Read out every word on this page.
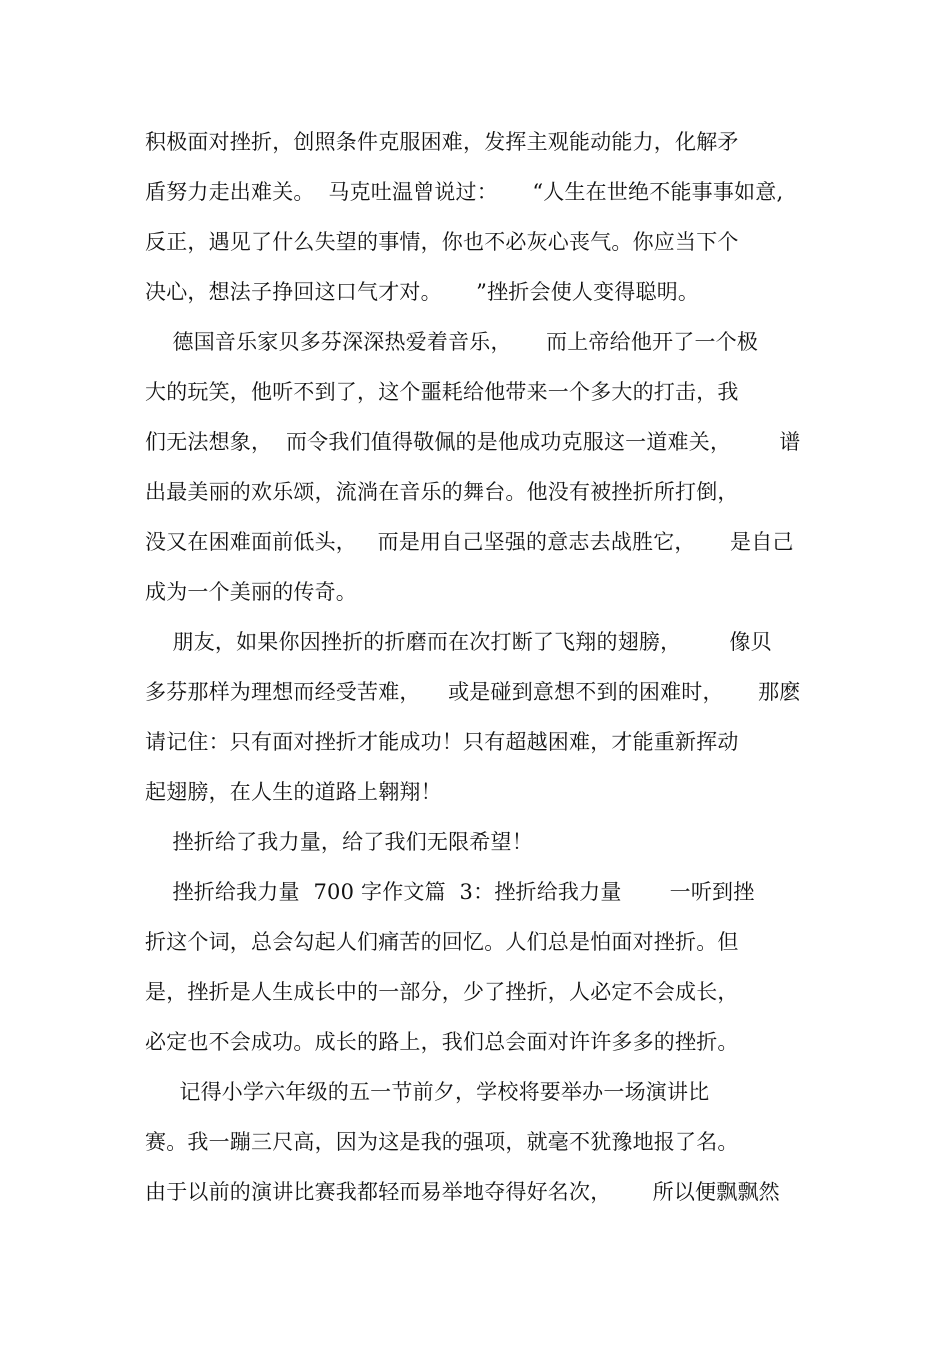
积极面对挫折，创照条件克服困难，发挥主观能动能力，化解矛
盾努力走出难关。  马克吐温曾说过：     “人生在世绝不能事事如意,
反正，遇见了什么失望的事情，你也不必灰心丧气。你应当下个
决心，想法子挣回这口气才对。     ”挫折会使人变得聪明。
德国音乐家贝多芬深深热爱着音乐，     而上帝给他开了一个极
大的玩笑，他听不到了，这个噩耗给他带来一个多大的打击，我
们无法想象，  而令我们值得敬佩的是他成功克服这一道难关，       谱
出最美丽的欢乐颂，流淌在音乐的舞台。他没有被挫折所打倒，
没又在困难面前低头，   而是用自己坚强的意志去战胜它，     是自己
成为一个美丽的传奇。
朋友，如果你因挫折的折磨而在次打断了飞翔的翅膀，       像贝
多芬那样为理想而经受苦难，    或是碰到意想不到的困难时，     那麽
请记住：只有面对挫折才能成功！只有超越困难，才能重新挥动
起翅膀，在人生的道路上翱翔！
挫折给了我力量，给了我们无限希望！
挫折给我力量  700 字作文篇  3：挫折给我力量       一听到挫
折这个词，总会勾起人们痛苦的回忆。人们总是怕面对挫折。但
是，挫折是人生成长中的一部分，少了挫折，人必定不会成长，
必定也不会成功。成长的路上，我们总会面对许许多多的挫折。
记得小学六年级的五一节前夕，学校将要举办一场演讲比
赛。我一蹦三尺高，因为这是我的强项，就毫不犹豫地报了名。
由于以前的演讲比赛我都轻而易举地夺得好名次，      所以便飘飘然
